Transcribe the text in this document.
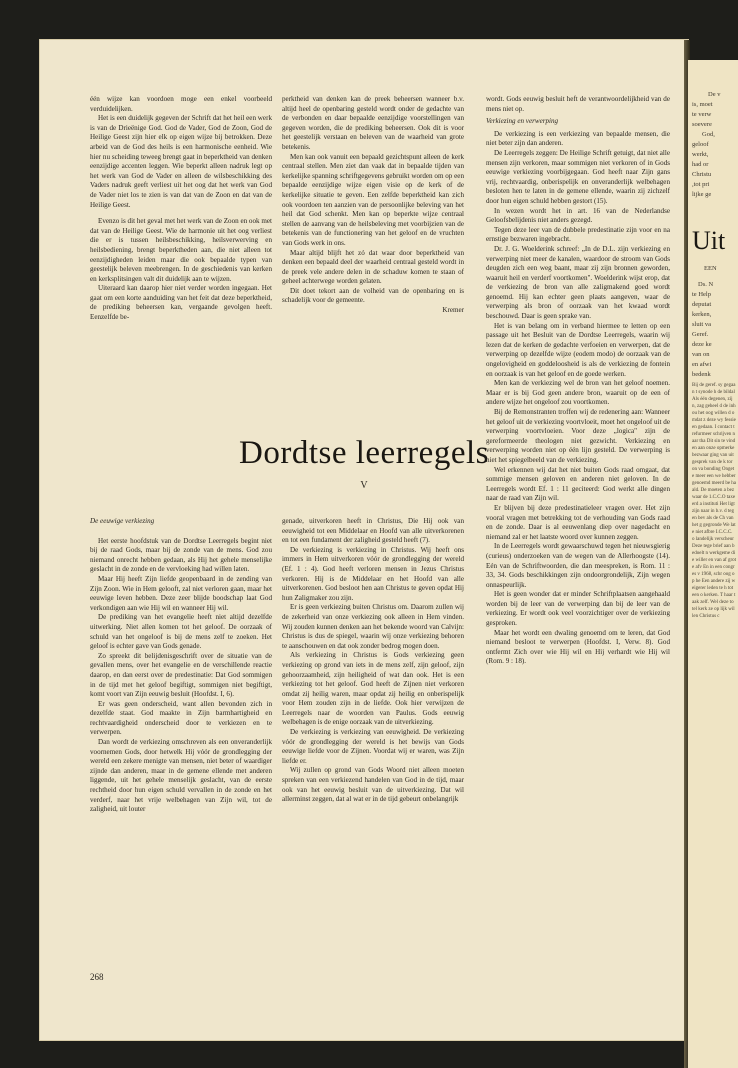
één wijze kan voordoen moge een enkel voorbeeld verduidelijken.

Het is een duidelijk gegeven der Schrift dat het heil een werk is van de Drieënige God. God de Vader, God de Zoon, God de Heilige Geest zijn hier elk op eigen wijze bij betrokken. Deze arbeid van de God des heils is een harmonische eenheid. Wie hier nu scheiding teweeg brengt gaat in beperktheid van denken eenzijdige accenten leggen. Wie beperkt alleen nadruk legt op het werk van God de Vader en alleen de wilsbeschikking des Vaders nadruk geeft verliest uit het oog dat het werk van God de Vader niet los te zien is van dat van de Zoon en dat van de Heilige Geest.

Evenzo is dit het geval met het werk van de Zoon en ook met dat van de Heilige Geest. Wie de harmonie uit het oog verliest die er is tussen heilsbeschikking, heilsverwerving en heilsbediening, brengt beperktheden aan, die niet alleen tot eenzijdigheden leiden maar die ook bepaalde typen van geestelijk beleven meebrengen. In de geschiedenis van kerken en kerksplitsingen valt dit duidelijk aan te wijzen.

Uiteraard kan daarop hier niet verder worden ingegaan. Het gaat om een korte aanduiding van het feit dat deze beperktheid, de prediking beheersen kan, vergaande gevolgen heeft. Eenzelfde be-

perktheid van denken kan de preek beheersen wanneer b.v. altijd heel de openbaring gesteld wordt onder de gedachte van de verbonden en daar bepaalde eenzijdige voorstellingen van gegeven worden, die de prediking beheersen. Ook dit is voor het geestelijk verstaan en beleven van de waarheid van grote betekenis.

Men kan ook vanuit een bepaald gezichtspunt alleen de kerk centraal stellen. Men ziet dan vaak dat in bepaalde tijden van kerkelijke spanning schriftgegevens gebruikt worden om op een bepaalde eenzijdige wijze eigen visie op de kerk of de kerkelijke situatie te geven. Een zelfde beperktheid kan zich ook voordoen ten aanzien van de persoonlijke beleving van het heil dat God schenkt. Men kan op beperkte wijze centraal stellen de aanvang van de heilsbeleving met voorbijzien van de betekenis van de functionering van het geloof en de vruchten van Gods werk in ons.

Maar altijd blijft het zó dat waar door beperktheid van denken een bepaald deel der waarheid centraal gesteld wordt in de preek vele andere delen in de schaduw komen te staan of geheel achterwege worden gelaten.

Dit doet tekort aan de volheid van de openbaring en is schadelijk voor de gemeente.

Kremer

wordt. Gods eeuwig besluit heft de verantwoordelijkheid van de mens niet op.

Verkiezing en verwerping

De verkiezing is een verkiezing van bepaalde mensen, die niet beter zijn dan anderen.

De Leerregels zeggen: De Heilige Schrift getuigt, dat niet alle mensen zijn verkoren, maar sommigen niet verkoren of in Gods eeuwige verkiezing voorbijgegaan. God heeft naar Zijn gans vrij, rechtvaardig, onberispelijk en onveranderlijk welbehagen besloten hen te laten in de gemene ellende, waarin zij zichzelf door hun eigen schuld hebben gestort (15).

In wezen wordt het in art. 16 van de Nederlandse Geloofsbelijdenis niet anders gezegd.

Tegen deze leer van de dubbele predestinatie zijn voor en na ernstige bezwaren ingebracht.

Dr. J. G. Woelderink schreef: „In de D.L. zijn verkiezing en verwerping niet meer de kanalen, waardoor de stroom van Gods deugden zich een weg baant, maar zij zijn bronnen geworden, waaruit heil en verderf voortkomen". Woelderink wijst erop, dat de verkiezing de bron van alle zaligmakend goed wordt genoemd. Hij kan echter geen plaats aangeven, waar de verwerping als bron of oorzaak van het kwaad wordt beschouwd. Daar is geen sprake van.

Het is van belang om in verband hiermee te letten op een passage uit het Besluit van de Dordtse Leerregels, waarin wij lezen dat de kerken de gedachte verfoeien en verwerpen, dat de verwerping op dezelfde wijze (eodem modo) de oorzaak van de ongelovigheid en goddeloosheid is als de verkiezing de fontein en oorzaak is van het geloof en de goede werken.

Men kan de verkiezing wel de bron van het geloof noemen. Maar er is bij God geen andere bron, waaruit op de een of andere wijze het ongeloof zou voortkomen.

Bij de Remonstranten troffen wij de redenering aan: Wanneer het geloof uit de verkiezing voortvloeit, moet het ongeloof uit de verwerping voortvloeien. Voor deze „logica" zijn de gereformeerde theologen niet gezwicht. Verkiezing en verwerping worden niet op één lijn gesteld. De verwerping is niet het spiegelbeeld van de verkiezing.

Wel erkennen wij dat het niet buiten Gods raad omgaat, dat sommige mensen geloven en anderen niet geloven. In de Leerregels wordt Ef. 1 : 11 geciteerd: God werkt alle dingen naar de raad van Zijn wil.

Er blijven bij deze predestinatieleer vragen over. Het zijn vooral vragen met betrekking tot de verhouding van Gods raad en de zonde. Daar is al eeuwenlang diep over nagedacht en niemand zal er het laatste woord over kunnen zeggen.

In de Leerregels wordt gewaarschuwd tegen het nieuwsgierig (curieus) onderzoeken van de wegen van de Allerhoogste (14). Eén van de Schriftwoorden, die dan meespreken, is Rom. 11 : 33, 34. Gods beschikkingen zijn ondoorgrondelijk, Zijn wegen onnaspeurlijk.

Het is geen wonder dat er minder Schriftplaatsen aangehaald worden bij de leer van de verwerping dan bij de leer van de verkiezing. Er wordt ook veel voorzichtiger over de verkiezing gesproken.

Maar het wordt een dwaling genoemd om te leren, dat God niemand besloot te verwerpen (Hoofdst. I, Verw. 8). God ontfermt Zich over wie Hij wil en Hij verhardt wie Hij wil (Rom. 9 : 18).

Dordtse leerregels
V

De eeuwige verkiezing

Het eerste hoofdstuk van de Dordtse Leerregels begint niet bij de raad Gods, maar bij de zonde van de mens. God zou niemand onrecht hebben gedaan, als Hij het gehele menselijke geslacht in de zonde en de vervloeking had willen laten.

Maar Hij heeft Zijn liefde geopenbaard in de zending van Zijn Zoon. Wie in Hem gelooft, zal niet verloren gaan, maar het eeuwige leven hebben. Deze zeer blijde boodschap laat God verkondigen aan wie Hij wil en wanneer Hij wil.

De prediking van het evangelie heeft niet altijd dezelfde uitwerking. Niet allen komen tot het geloof. De oorzaak of schuld van het ongeloof is bij de mens zelf te zoeken. Het geloof is echter gave van Gods genade.

Zo spreekt dit belijdenisgeschrift over de situatie van de gevallen mens, over het evangelie en de verschillende reactie daarop, en dan eerst over de predestinatie: Dat God sommigen in de tijd met het geloof begiftigt, sommigen niet begiftigt, komt voort van Zijn eeuwig besluit (Hoofdst. I, 6).

Er was geen onderscheid, want allen bevonden zich in dezelfde staat. God maakte in Zijn barmhartigheid en rechtvaardigheid onderscheid door te verkiezen en te verwerpen.

Dan wordt de verkiezing omschreven als een onveranderlijk voornemen Gods, door hetwelk Hij vóór de grondlegging der wereld een zekere menigte van mensen, niet beter of waardiger zijnde dan anderen, maar in de gemene ellende met anderen liggende, uit het gehele menselijk geslacht, van de eerste rechtheid door hun eigen schuld vervallen in de zonde en het verderf, naar het vrije welbehagen van Zijn wil, tot de zaligheid, uit louter

genade, uitverkoren heeft in Christus, Die Hij ook van eeuwigheid tot een Middelaar en Hoofd van alle uitverkorenen en tot een fundament der zaligheid gesteld heeft (7).

De verkiezing is verkiezing in Christus. Wij heeft ons immers in Hem uitverkoren vóór de grondlegging der wereld (Ef. 1 : 4). God heeft verloren mensen in Jezus Christus verkoren. Hij is de Middelaar en het Hoofd van alle uitverkorenen. God besloot hen aan Christus te geven opdat Hij hun Zaligmaker zou zijn.

Er is geen verkiezing buiten Christus om. Daarom zullen wij de zekerheid van onze verkiezing ook alleen in Hem vinden. Wij zouden kunnen denken aan het bekende woord van Calvijn: Christus is dus de spiegel, waarin wij onze verkiezing behoren te aanschouwen en dat ook zonder bedrog mogen doen.

Als verkiezing in Christus is Gods verkiezing geen verkiezing op grond van iets in de mens zelf, zijn geloof, zijn gehoorzaamheid, zijn heiligheid of wat dan ook. Het is een verkiezing tot het geloof. God heeft de Zijnen niet verkoren omdat zij heilig waren, maar opdat zij heilig en onberispelijk voor Hem zouden zijn in de liefde. Ook hier verwijzen de Leerregels naar de woorden van Paulus. Gods eeuwig welbehagen is de enige oorzaak van de uitverkiezing.

De verkiezing is verkiezing van eeuwigheid. De verkiezing vóór de grondlegging der wereld is het bewijs van Gods eeuwige liefde voor de Zijnen. Voordat wij er waren, was Zijn liefde er.

Wij zullen op grond van Gods Woord niet alleen moeten spreken van een verkiezend handelen van God in de tijd, maar ook van het eeuwig besluit van de uitverkiezing. Dat wil allerminst zeggen, dat al wat er in de tijd gebeurt onbelangrijk

268
De v
is, moet
te verw
soevere
God,
geloof
werkt,
had or
Christu
,tot pri
lijke ge
Uit
EEN
Ds. N
te Help
deputat
kerken,
sluit va
Geref.
deze ke
van on
en afwi
bedenk
Bij de geref. sy gegaan t synode h de bildal Als één degenen, zijn, zag geheel d de inhou het oog willen d omdat z deze wy fessie en gedaan. I contact t refurmeer schrijven naar tha Dit sin te vinden aan onze opmerke bezwaar ging van uitgesprek van de k tor on va bonding Ongete meer een we hebber genoemd meerd be haald. De moeten a bezwaar de 1.C.C.O taxeerd a instituti Het ligt zijn naar in b.v. d tegen bev als de Ch van het g gegronde We late niet afbre I.C.C.C. o landelijk verscheur Deze tege brief aan bedoelt n werkgeme die willer en van af grote afv En in een congres v 1968, schr oog op he Een andere zij weigerer leden te h tot een o kerken. T haar taak zelf. Wel deze to tel kerk ze op lijk willen Christus c
